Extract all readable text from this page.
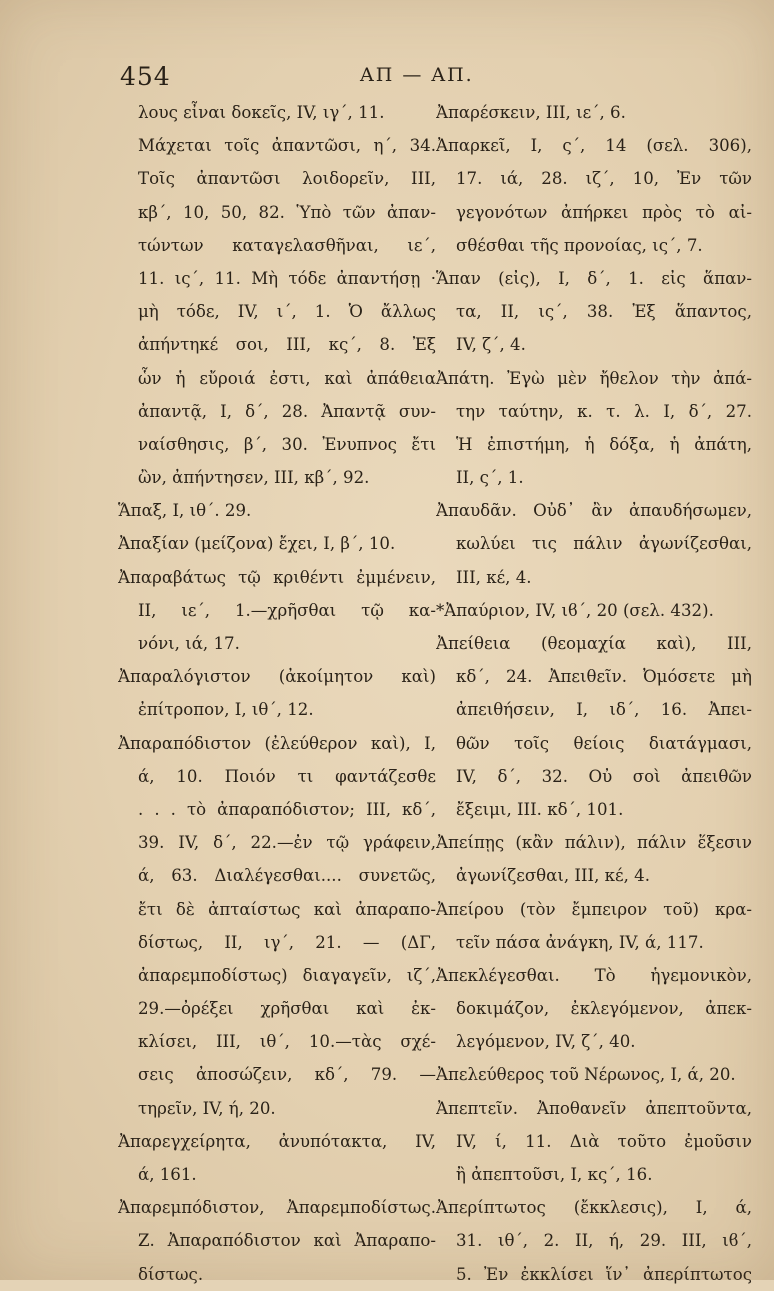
454	ΑΠ — ΑΠ.
λους εἶναι δοκεῖς, IV, ιγ΄, 11.
Μάχεται τοῖς ἀπαντῶσι, η΄, 34.
Τοῖς ἀπαντῶσι λοιδορεῖν, III,
κβ΄, 10, 50, 82. Ὑπὸ τῶν ἀπαν-
τώντων καταγελασθῆναι, ιε΄,
11. ις΄, 11. Μὴ τόδε ἀπαντήσῃ ·
μὴ τόδε, IV, ι΄, 1. Ὁ ἄλλως
ἀπήντηκέ σοι, III, κς΄, 8. Ἐξ
ὧν ἡ εὔροιά ἐστι, καὶ ἀπάθεια
ἀπαντᾷ, I, δ΄, 28. Ἀπαντᾷ συν-
ναίσθησις, β΄, 30. Ἐνυπνος ἔτι
ὢν, ἀπήντησεν, III, κβ΄, 92.
Ἅπαξ, I, ιθ΄. 29.
Ἀπαξίαν (μείζονα) ἔχει, I, β΄, 10.
Ἀπαραβάτως τῷ κριθέντι ἐμμένειν,
II, ιε΄, 1.—χρῆσθαι τῷ κα-
νόνι, ιά, 17.
Ἀπαραλόγιστον (ἀκοίμητον καὶ)
ἐπίτροπον, I, ιθ΄, 12.
Ἀπαραπόδιστον (ἐλεύθερον καὶ), I,
ά, 10. Ποιόν τι φαντάζεσθε
. . . τὸ ἀπαραπόδιστον; III, κδ΄,
39. IV, δ΄, 22.—ἐν τῷ γράφειν,
ά, 63. Διαλέγεσθαι.... συνετῶς,
ἔτι δὲ ἀπταίστως καὶ ἀπαραπο-
δίστως, II, ιγ΄, 21. — (ΔΓ,
ἀπαρεμποδίστως) διαγαγεῖν, ιζ΄,
29.—ὀρέξει χρῆσθαι καὶ ἐκ-
κλίσει, III, ιθ΄, 10.—τὰς σχέ-
σεις ἀποσώζειν, κδ΄, 79. —
τηρεῖν, IV, ή, 20.
Ἀπαρεγχείρητα, ἀνυπότακτα, IV,
ά, 161.
Ἀπαρεμπόδιστον, Ἀπαρεμποδίστως.
Ζ. Ἀπαραπόδιστον καὶ Ἀπαραπο-
δίστως.
Ἀπαρέσκειν, III, ιε΄, 6.
Ἀπαρκεῖ, I, ς΄, 14 (σελ. 306),
17. ιά, 28. ιζ΄, 10, Ἐν τῶν
γεγονότων ἀπήρκει πρὸς τὸ αἰ-
σθέσθαι τῆς προνοίας, ις΄, 7.
Ἅπαν (εἰς), I, δ΄, 1. εἰς ἅπαν-
τα, II, ις΄, 38. Ἐξ ἅπαντος,
IV, ζ΄, 4.
Ἀπάτη. Ἐγὼ μὲν ἤθελον τὴν ἀπά-
την ταύτην, κ. τ. λ. I, δ΄, 27.
Ἡ ἐπιστήμη, ἡ δόξα, ἡ ἀπάτη,
II, ς΄, 1.
Ἀπαυδᾶν. Οὐδ᾿ ἂν ἀπαυδήσωμεν,
κωλύει τις πάλιν ἀγωνίζεσθαι,
III, κέ, 4.
*Ἀπαύριον, IV, ιϐ΄, 20 (σελ. 432).
Ἀπείθεια (θεομαχία καὶ), III,
κδ΄, 24. Ἀπειθεῖν. Ὀμόσετε μὴ
ἀπειθήσειν, I, ιδ΄, 16. Ἀπει-
θῶν τοῖς θείοις διατάγμασι,
IV, δ΄, 32. Οὐ σοὶ ἀπειθῶν
ἔξειμι, III. κδ΄, 101.
Ἀπείπῃς (κἂν πάλιν), πάλιν ἕξεσιν
ἀγωνίζεσθαι, III, κέ, 4.
Ἀπείρου (τὸν ἔμπειρον τοῦ) κρα-
τεῖν πάσα ἀνάγκη, IV, ά, 117.
Ἀπεκλέγεσθαι. Τὸ ἡγεμονικὸν,
δοκιμάζον, ἐκλεγόμενον, ἀπεκ-
λεγόμενον, IV, ζ΄, 40.
Ἀπελεύθερος τοῦ Νέρωνος, I, ά, 20.
Ἀπεπτεῖν. Ἀποθανεῖν ἀπεπτοῦντα,
IV, ί, 11. Διὰ τοῦτο ἐμοῦσιν
ἢ ἀπεπτοῦσι, I, κς΄, 16.
Ἀπερίπτωτος (ἔκκλεσις), I, ά,
31. ιθ΄, 2. II, ή, 29. III, ιϐ΄,
5. Ἐν ἐκκλίσει ἵν᾿ ἀπερίπτωτος
